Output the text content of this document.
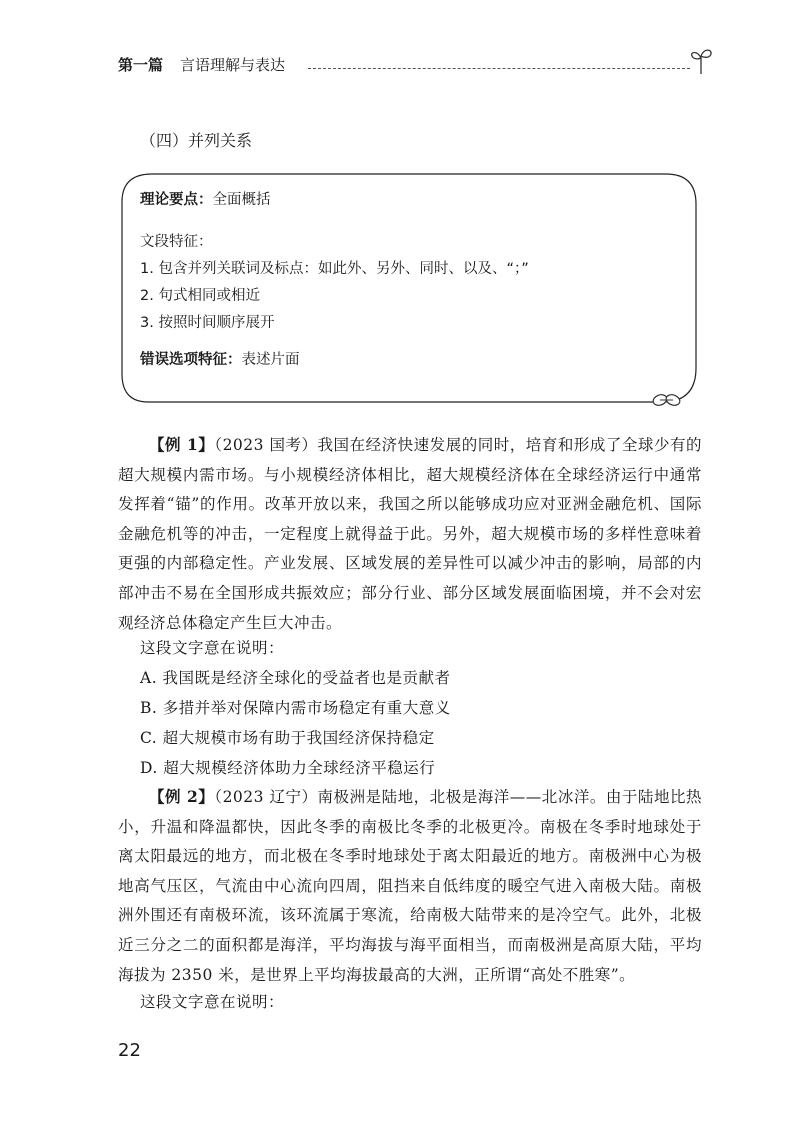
第一篇 言语理解与表达
（四）并列关系
理论要点：全面概括
文段特征：
1. 包含并列关联词及标点：如此外、另外、同时、以及、“；”
2. 句式相同或相近
3. 按照时间顺序展开
错误选项特征：表述片面
【例 1】（2023 国考）我国在经济快速发展的同时，培育和形成了全球少有的超大规模内需市场。与小规模经济体相比，超大规模经济体在全球经济运行中通常发挥着“锚”的作用。改革开放以来，我国之所以能够成功应对亚洲金融危机、国际金融危机等的冲击，一定程度上就得益于此。另外，超大规模市场的多样性意味着更强的内部稳定性。产业发展、区域发展的差异性可以减少冲击的影响，局部的内部冲击不易在全国形成共振效应；部分行业、部分区域发展面临困境，并不会对宏观经济总体稳定产生巨大冲击。
这段文字意在说明：
A. 我国既是经济全球化的受益者也是贡献者
B. 多措并举对保障内需市场稳定有重大意义
C. 超大规模市场有助于我国经济保持稳定
D. 超大规模经济体助力全球经济平稳运行
【例 2】（2023 辽宁）南极洲是陆地，北极是海洋——北冰洋。由于陆地比热小，升温和降温都快，因此冬季的南极比冬季的北极更冷。南极在冬季时地球处于离太阳最远的地方，而北极在冬季时地球处于离太阳最近的地方。南极洲中心为极地高气压区，气流由中心流向四周，阻挡来自低纬度的暖空气进入南极大陆。南极洲外围还有南极环流，该环流属于寒流，给南极大陆带来的是冷空气。此外，北极近三分之二的面积都是海洋，平均海拔与海平面相当，而南极洲是高原大陆，平均海拔为 2350 米，是世界上平均海拔最高的大洲，正所谓“高处不胜寒”。
这段文字意在说明：
22
